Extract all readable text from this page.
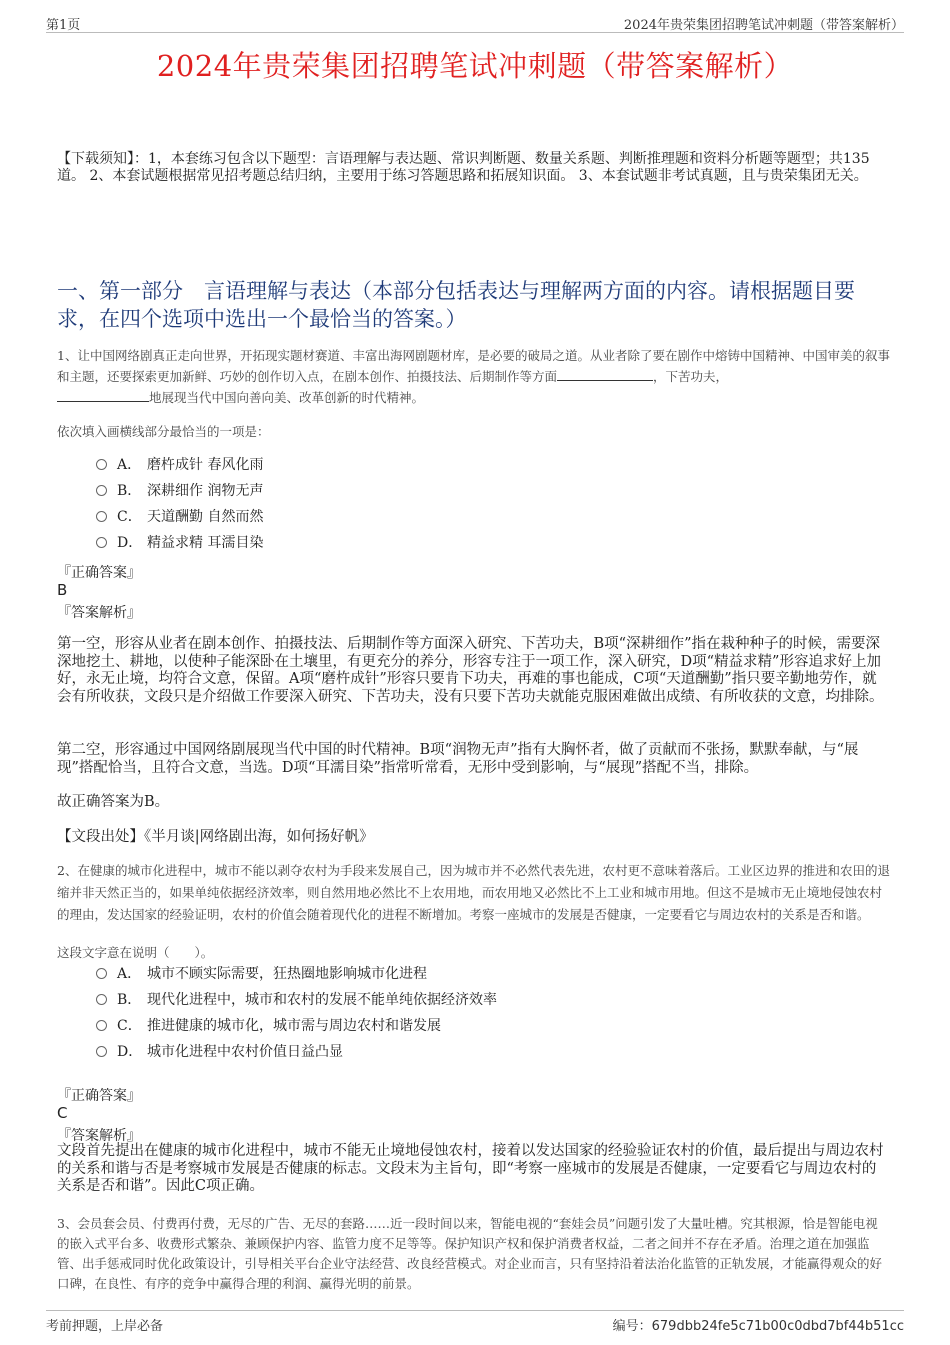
第1页	2024年贵荣集团招聘笔试冲刺题（带答案解析）
2024年贵荣集团招聘笔试冲刺题（带答案解析）
【下载须知】：1，本套练习包含以下题型：言语理解与表达题、常识判断题、数量关系题、判断推理题和资料分析题等题型；共135道。 2、本套试题根据常见招考题总结归纳，主要用于练习答题思路和拓展知识面。 3、本套试题非考试真题，且与贵荣集团无关。
一、第一部分　言语理解与表达（本部分包括表达与理解两方面的内容。请根据题目要求，在四个选项中选出一个最恰当的答案。）
1、让中国网络剧真正走向世界，开拓现实题材赛道、丰富出海网剧题材库，是必要的破局之道。从业者除了要在剧作中熔铸中国精神、中国审美的叙事和主题，还要探索更加新鲜、巧妙的创作切入点，在剧本创作、拍摄技法、后期制作等方面	，下苦功夫，
地展现当代中国向善向美、改革创新的时代精神。
依次填入画横线部分最恰当的一项是：
A． 磨杵成针 春风化雨
B． 深耕细作 润物无声
C． 天道酬勤 自然而然
D． 精益求精 耳濡目染
『正确答案』
B
『答案解析』
第一空，形容从业者在剧本创作、拍摄技法、后期制作等方面深入研究、下苦功夫，B项“深耕细作”指在栽种种子的时候，需要深深地挖土、耕地，以使种子能深卧在土壤里，有更充分的养分，形容专注于一项工作，深入研究，D项“精益求精”形容追求好上加好，永无止境，均符合文意，保留。A项“磨杵成针”形容只要肯下功夫，再难的事也能成，C项“天道酬勤”指只要辛勤地劳作，就会有所收获，文段只是介绍做工作要深入研究、下苦功夫，没有只要下苦功夫就能克服困难做出成绩、有所收获的文意，均排除。
第二空，形容通过中国网络剧展现当代中国的时代精神。B项“润物无声”指有大胸怀者，做了贡献而不张扬，默默奉献，与“展现”搭配恰当，且符合文意，当选。D项“耳濡目染”指常听常看，无形中受到影响，与“展现”搭配不当，排除。
故正确答案为B。
【文段出处】《半月谈|网络剧出海，如何扬好帆》
2、在健康的城市化进程中，城市不能以剥夺农村为手段来发展自己，因为城市并不必然代表先进，农村更不意味着落后。工业区边界的推进和农田的退缩并非天然正当的，如果单纯依据经济效率，则自然用地必然比不上农用地，而农用地又必然比不上工业和城市用地。但这不是城市无止境地侵蚀农村的理由，发达国家的经验证明，农村的价值会随着现代化的进程不断增加。考察一座城市的发展是否健康，一定要看它与周边农村的关系是否和谐。
这段文字意在说明（　　）。
A． 城市不顾实际需要，狂热圈地影响城市化进程
B． 现代化进程中，城市和农村的发展不能单纯依据经济效率
C． 推进健康的城市化，城市需与周边农村和谐发展
D． 城市化进程中农村价值日益凸显
『正确答案』
C
『答案解析』
文段首先提出在健康的城市化进程中，城市不能无止境地侵蚀农村，接着以发达国家的经验验证农村的价值，最后提出与周边农村的关系和谐与否是考察城市发展是否健康的标志。文段末为主旨句，即“考察一座城市的发展是否健康，一定要看它与周边农村的关系是否和谐”。因此C项正确。
3、会员套会员、付费再付费，无尽的广告、无尽的套路……近一段时间以来，智能电视的“套娃会员”问题引发了大量吐槽。究其根源，恰是智能电视的嵌入式平台多、收费形式繁杂、兼顾保护内容、监管力度不足等等。保护知识产权和保护消费者权益，二者之间并不存在矛盾。治理之道在加强监管、出手惩戒同时优化政策设计，引导相关平台企业守法经营、改良经营模式。对企业而言，只有坚持沿着法治化监管的正轨发展，才能赢得观众的好口碑，在良性、有序的竞争中赢得合理的利润、赢得光明的前景。
考前押题，上岸必备	编号：679dbb24fe5c71b00c0dbd7bf44b51cc
